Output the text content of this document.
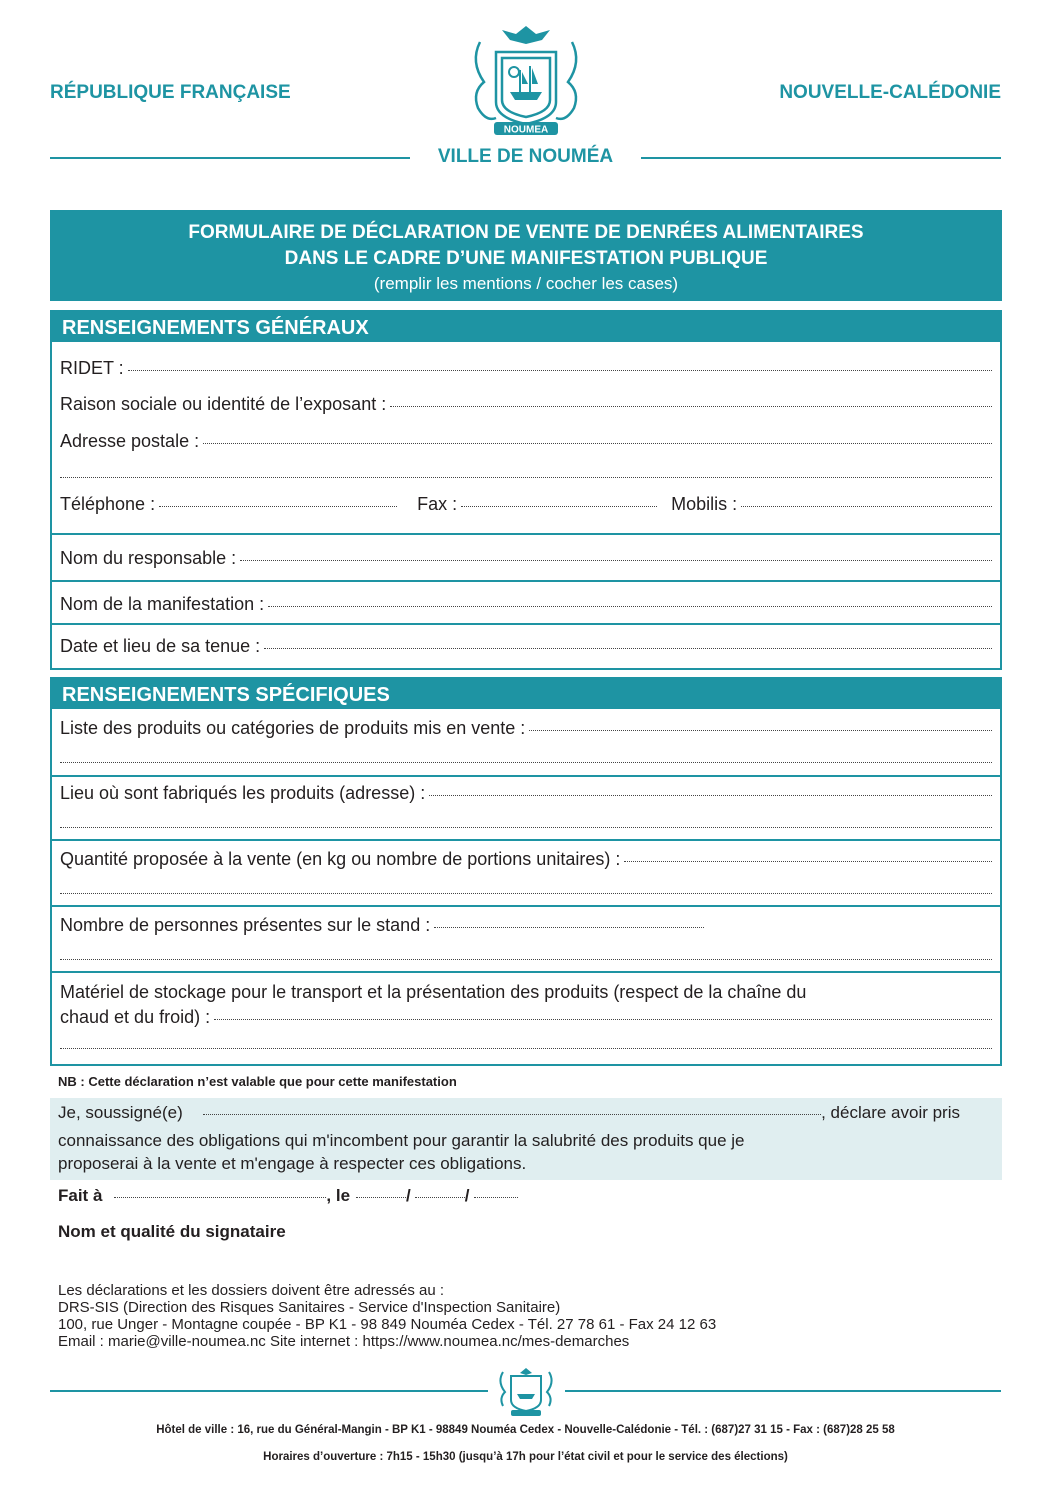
RÉPUBLIQUE FRANÇAISE	NOUVELLE-CALÉDONIE
NOUMEA
VILLE DE NOUMÉA
FORMULAIRE DE DÉCLARATION DE VENTE DE DENRÉES ALIMENTAIRES
DANS LE CADRE D’UNE MANIFESTATION PUBLIQUE
(remplir les mentions / cocher les cases)
RENSEIGNEMENTS GÉNÉRAUX
RIDET :
Raison sociale ou identité de l’exposant :
Adresse postale :
Téléphone :	Fax :	Mobilis :
Nom du responsable :
Nom de la manifestation :
Date et lieu de sa tenue :
RENSEIGNEMENTS SPÉCIFIQUES
Liste des produits ou catégories de produits mis en vente :
Lieu où sont fabriqués les produits (adresse) :
Quantité proposée à la vente (en kg ou nombre de portions unitaires) :
Nombre de personnes présentes sur le stand :
Matériel de stockage pour le transport et la présentation des produits (respect de la chaîne du
chaud et du froid) :
NB : Cette déclaration n’est valable que pour cette manifestation
Je, soussigné(e)	, déclare avoir pris
connaissance des obligations qui m'incombent pour garantir la salubrité des produits que je
proposerai à la vente et m'engage à respecter ces obligations.
Fait à	, le	/	/
Nom et qualité du signataire
Les déclarations et les dossiers doivent être adressés au :
DRS-SIS (Direction des Risques Sanitaires - Service d'Inspection Sanitaire)
100, rue Unger - Montagne coupée - BP K1 - 98 849 Nouméa Cedex - Tél. 27 78 61 - Fax 24 12 63
Email : marie@ville-noumea.nc Site internet : https://www.noumea.nc/mes-demarches
Hôtel de ville : 16, rue du Général-Mangin - BP K1 - 98849 Nouméa Cedex - Nouvelle-Calédonie - Tél. : (687)27 31 15 - Fax : (687)28 25 58
Horaires d’ouverture : 7h15 - 15h30 (jusqu’à 17h pour l’état civil et pour le service des élections)
